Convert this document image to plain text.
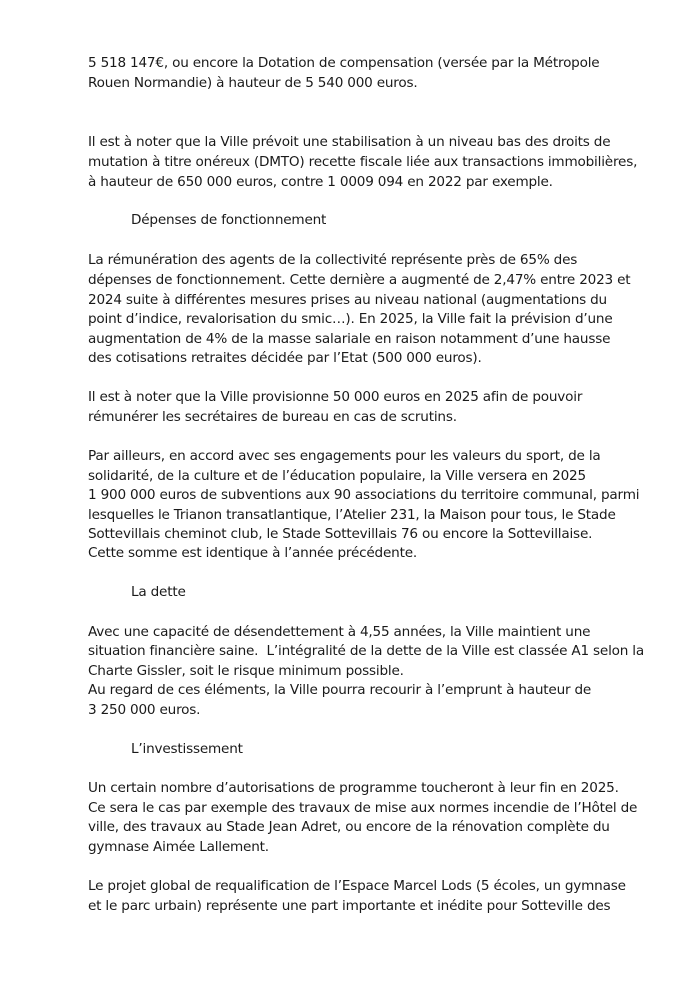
5 518 147€, ou encore la Dotation de compensation (versée par la Métropole
Rouen Normandie) à hauteur de 5 540 000 euros.
Il est à noter que la Ville prévoit une stabilisation à un niveau bas des droits de
mutation à titre onéreux (DMTO) recette fiscale liée aux transactions immobilières,
à hauteur de 650 000 euros, contre 1 0009 094 en 2022 par exemple.
Dépenses de fonctionnement
La rémunération des agents de la collectivité représente près de 65% des
dépenses de fonctionnement. Cette dernière a augmenté de 2,47% entre 2023 et
2024 suite à différentes mesures prises au niveau national (augmentations du
point d’indice, revalorisation du smic…). En 2025, la Ville fait la prévision d’une
augmentation de 4% de la masse salariale en raison notamment d’une hausse
des cotisations retraites décidée par l’Etat (500 000 euros).
Il est à noter que la Ville provisionne 50 000 euros en 2025 afin de pouvoir
rémunérer les secrétaires de bureau en cas de scrutins.
Par ailleurs, en accord avec ses engagements pour les valeurs du sport, de la
solidarité, de la culture et de l’éducation populaire, la Ville versera en 2025
1 900 000 euros de subventions aux 90 associations du territoire communal, parmi
lesquelles le Trianon transatlantique, l’Atelier 231, la Maison pour tous, le Stade
Sottevillais cheminot club, le Stade Sottevillais 76 ou encore la Sottevillaise.
Cette somme est identique à l’année précédente.
La dette
Avec une capacité de désendettement à 4,55 années, la Ville maintient une
situation financière saine.  L’intégralité de la dette de la Ville est classée A1 selon la
Charte Gissler, soit le risque minimum possible.
Au regard de ces éléments, la Ville pourra recourir à l’emprunt à hauteur de
3 250 000 euros.
L’investissement
Un certain nombre d’autorisations de programme toucheront à leur fin en 2025.
Ce sera le cas par exemple des travaux de mise aux normes incendie de l’Hôtel de
ville, des travaux au Stade Jean Adret, ou encore de la rénovation complète du
gymnase Aimée Lallement.
Le projet global de requalification de l’Espace Marcel Lods (5 écoles, un gymnase
et le parc urbain) représente une part importante et inédite pour Sotteville des
